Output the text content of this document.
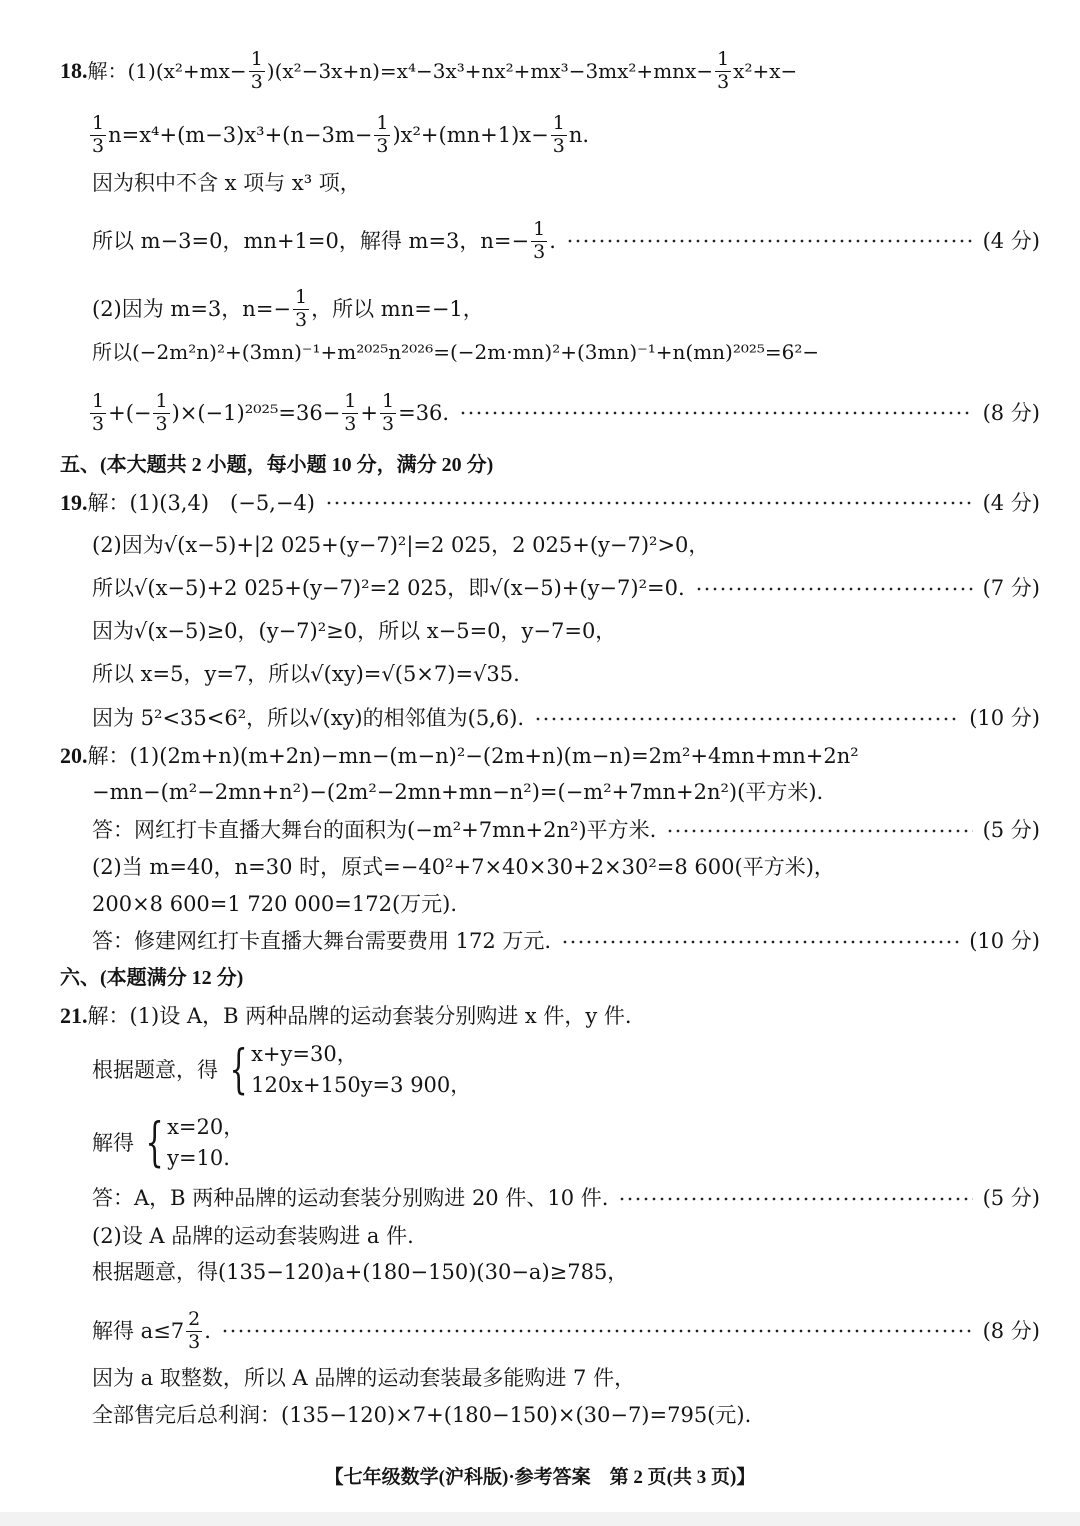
18. 解：$(1)(x^2+mx- \frac{1}{3} )(x^2-3x+n)=x^4-3x^3+nx^2+mx^3-3mx^2+mnx- \frac{1}{3} x^2+x-$
$\frac{1}{3} n=x^4+(m-3)x^3+(n-3m- \frac{1}{3} )x^2+(mn+1)x- \frac{1}{3} n$.
因为积中不含 x 项与 x³ 项，
所以 m−3=0，mn+1=0，解得 m=3，$n=- \frac{1}{3}$ .	(4 分)
(2)因为 m=3，$n=- \frac{1}{3}$ ，所以 mn=−1，
所以(−2m²n)²+(3mn)⁻¹+m²⁰²⁵n²⁰²⁶=(−2m·mn)²+(3mn)⁻¹+n(mn)²⁰²⁵=6²−
$\frac{1}{3}$ +(− $\frac{1}{3} )\times(-1)^{2025}=36- \frac{1}{3} + \frac{1}{3} =36$.	(8 分)
五、(本大题共 2 小题，每小题 10 分，满分 20 分)
19. 解：(1)(3,4)　(−5,−4)	(4 分)
(2)因为√(x−5)+|2 025+(y−7)²|=2 025，2 025+(y−7)²>0，
所以√(x−5)+2 025+(y−7)²=2 025，即√(x−5)+(y−7)²=0.	(7 分)
因为√(x−5)≥0，(y−7)²≥0，所以 x−5=0，y−7=0，
所以 x=5，y=7，所以√(xy)=√(5×7)=√35.
因为 5²<35<6²，所以√(xy)的相邻值为(5,6).	(10 分)
20. 解：(1)(2m+n)(m+2n)−mn−(m−n)²−(2m+n)(m−n)=2m²+4mn+mn+2n²
−mn−(m²−2mn+n²)−(2m²−2mn+mn−n²)=(−m²+7mn+2n²)(平方米).
答：网红打卡直播大舞台的面积为(−m²+7mn+2n²)平方米.	(5 分)
(2)当 m=40，n=30 时，原式=−40²+7×40×30+2×30²=8 600(平方米)，
200×8 600=1 720 000=172(万元).
答：修建网红打卡直播大舞台需要费用 172 万元.	(10 分)
六、(本题满分 12 分)
21. 解：(1)设 A，B 两种品牌的运动套装分别购进 x 件，y 件.
根据题意，得 { x+y=30，
120x+150y=3 900，
解得 { x=20，
y=10.
答：A，B 两种品牌的运动套装分别购进 20 件、10 件.	(5 分)
(2)设 A 品牌的运动套装购进 a 件.
根据题意，得(135−120)a+(180−150)(30−a)≥785，
解得 $a\le 7 \frac{2}{3}$ .	(8 分)
因为 a 取整数，所以 A 品牌的运动套装最多能购进 7 件，
全部售完后总利润：(135−120)×7+(180−150)×(30−7)=795(元).
【七年级数学(沪科版)·参考答案　第 2 页(共 3 页)】
